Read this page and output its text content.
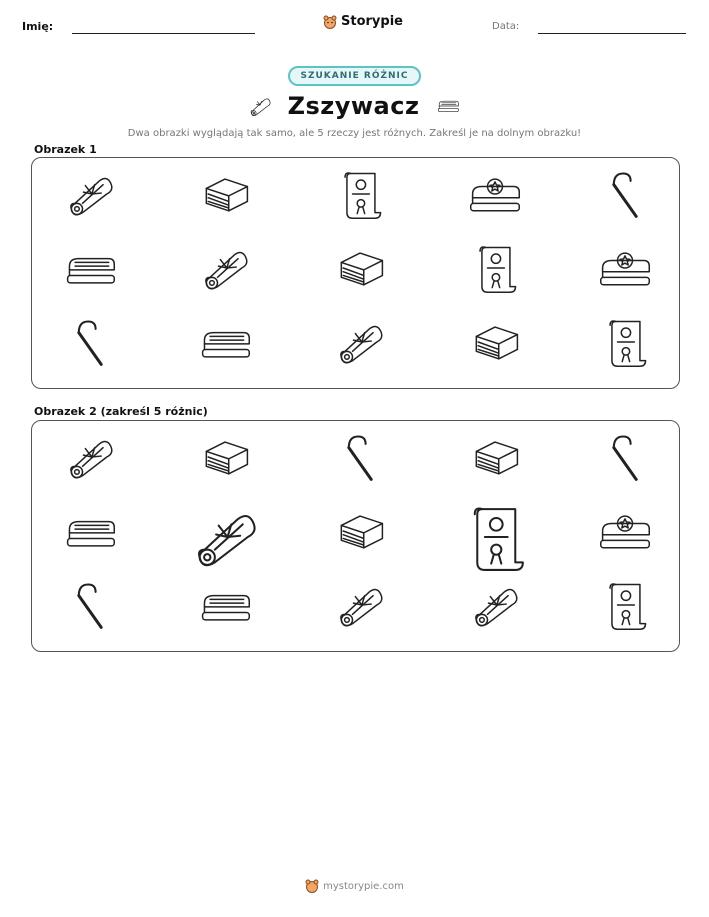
Imię:	Storypie	Data:
SZUKANIE RÓŻNIC
Zszywacz
Dwa obrazki wyglądają tak samo, ale 5 rzeczy jest różnych. Zakreśl je na dolnym obrazku!
Obrazek 1
Obrazek 2 (zakreśl 5 różnic)
mystorypie.com
